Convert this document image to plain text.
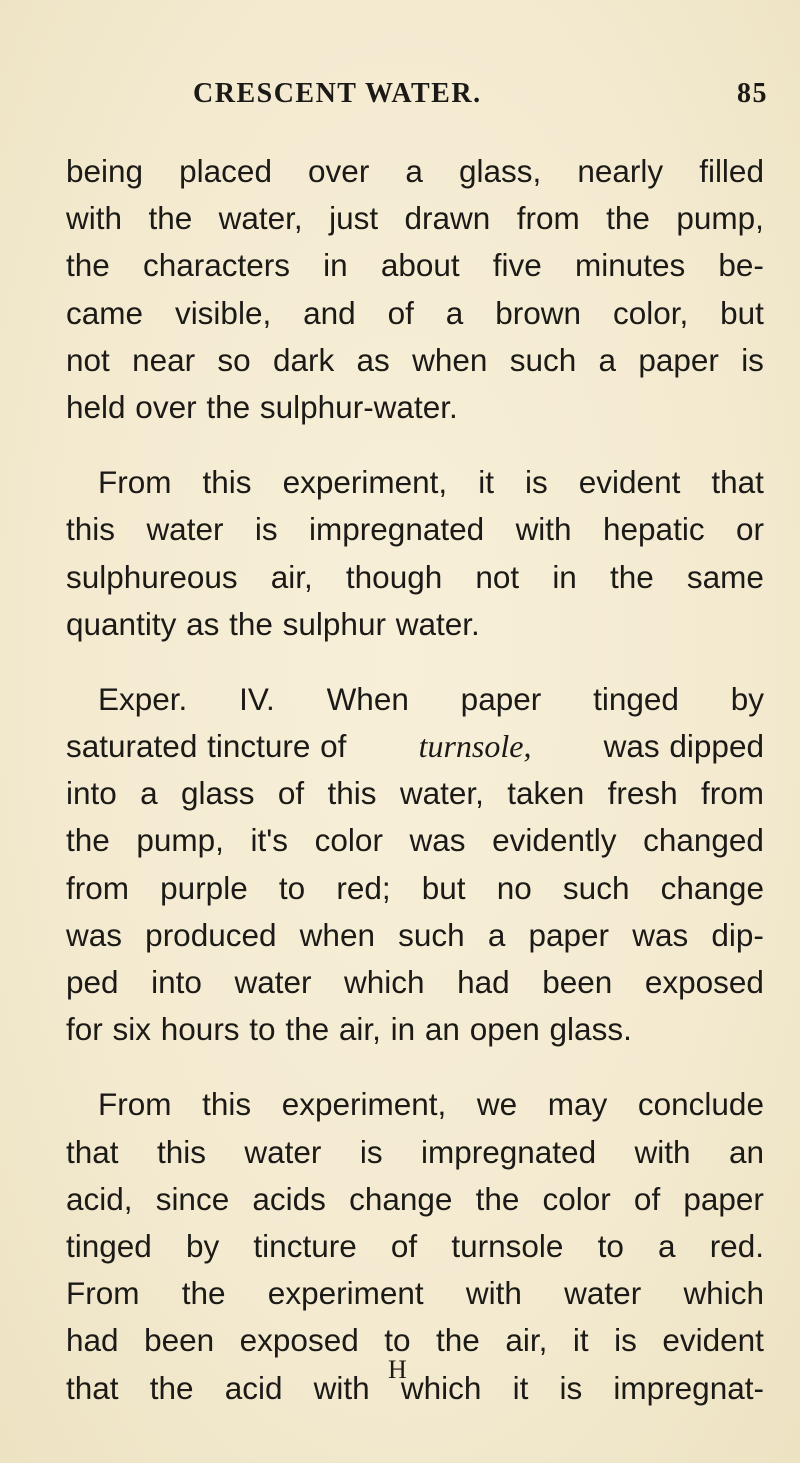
CRESCENT WATER.	85
being placed over a glass, nearly filled
with the water, just drawn from the pump,
the characters in about five minutes be-
came visible, and of a brown color, but
not near so dark as when such a paper is
held over the sulphur-water.
From this experiment, it is evident that
this water is impregnated with hepatic or
sulphureous air, though not in the same
quantity as the sulphur water.
Exper. IV. When paper tinged by
saturated tincture of turnsole, was dipped
into a glass of this water, taken fresh from
the pump, it's color was evidently changed
from purple to red; but no such change
was produced when such a paper was dip-
ped into water which had been exposed
for six hours to the air, in an open glass.
From this experiment, we may conclude
that this water is impregnated with an
acid, since acids change the color of paper
tinged by tincture of turnsole to a red.
From the experiment with water which
had been exposed to the air, it is evident
that the acid with which it is impregnat-
H
